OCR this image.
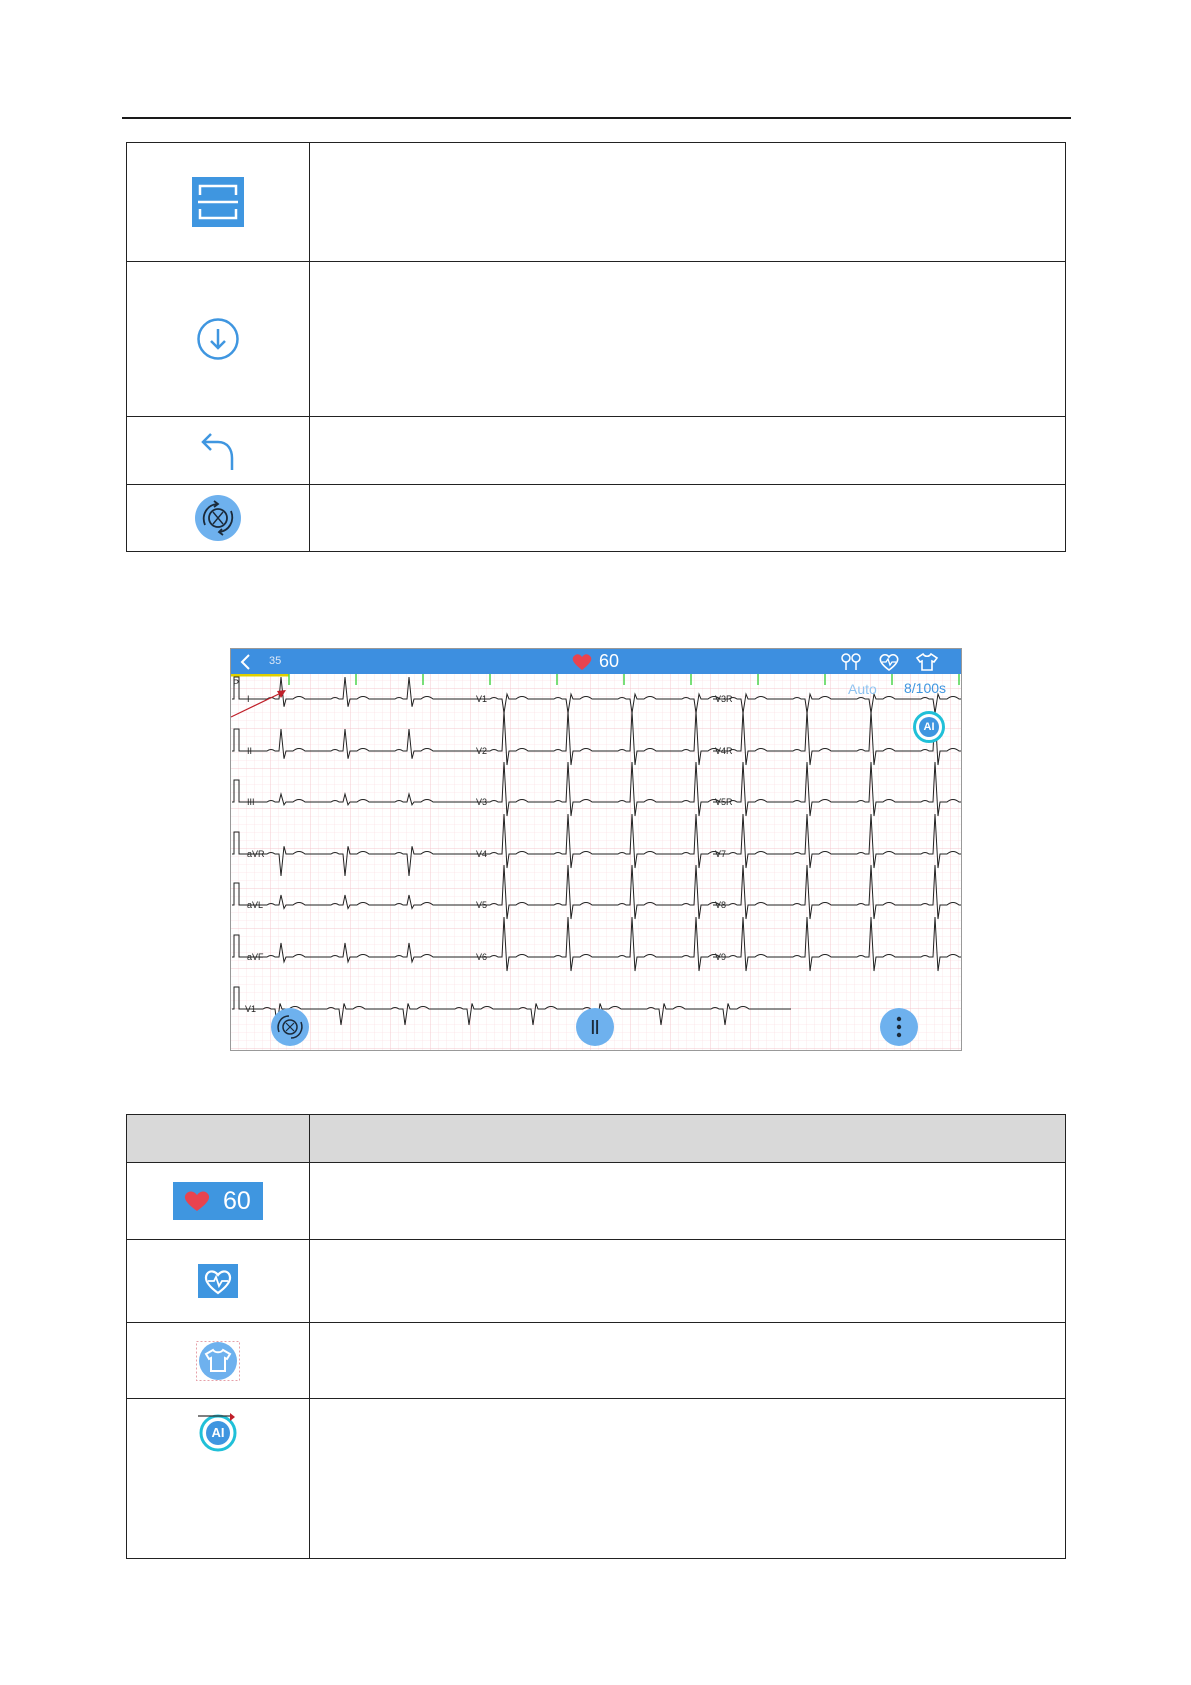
I	V1	V3R
II	V2	V4R
III	V3	V5R
aVR	V4	V7
aVL	V5	V8
aVF	V6	V9
V1
P
35	60
Auto 8/100s
AI
||

60	

AI	
